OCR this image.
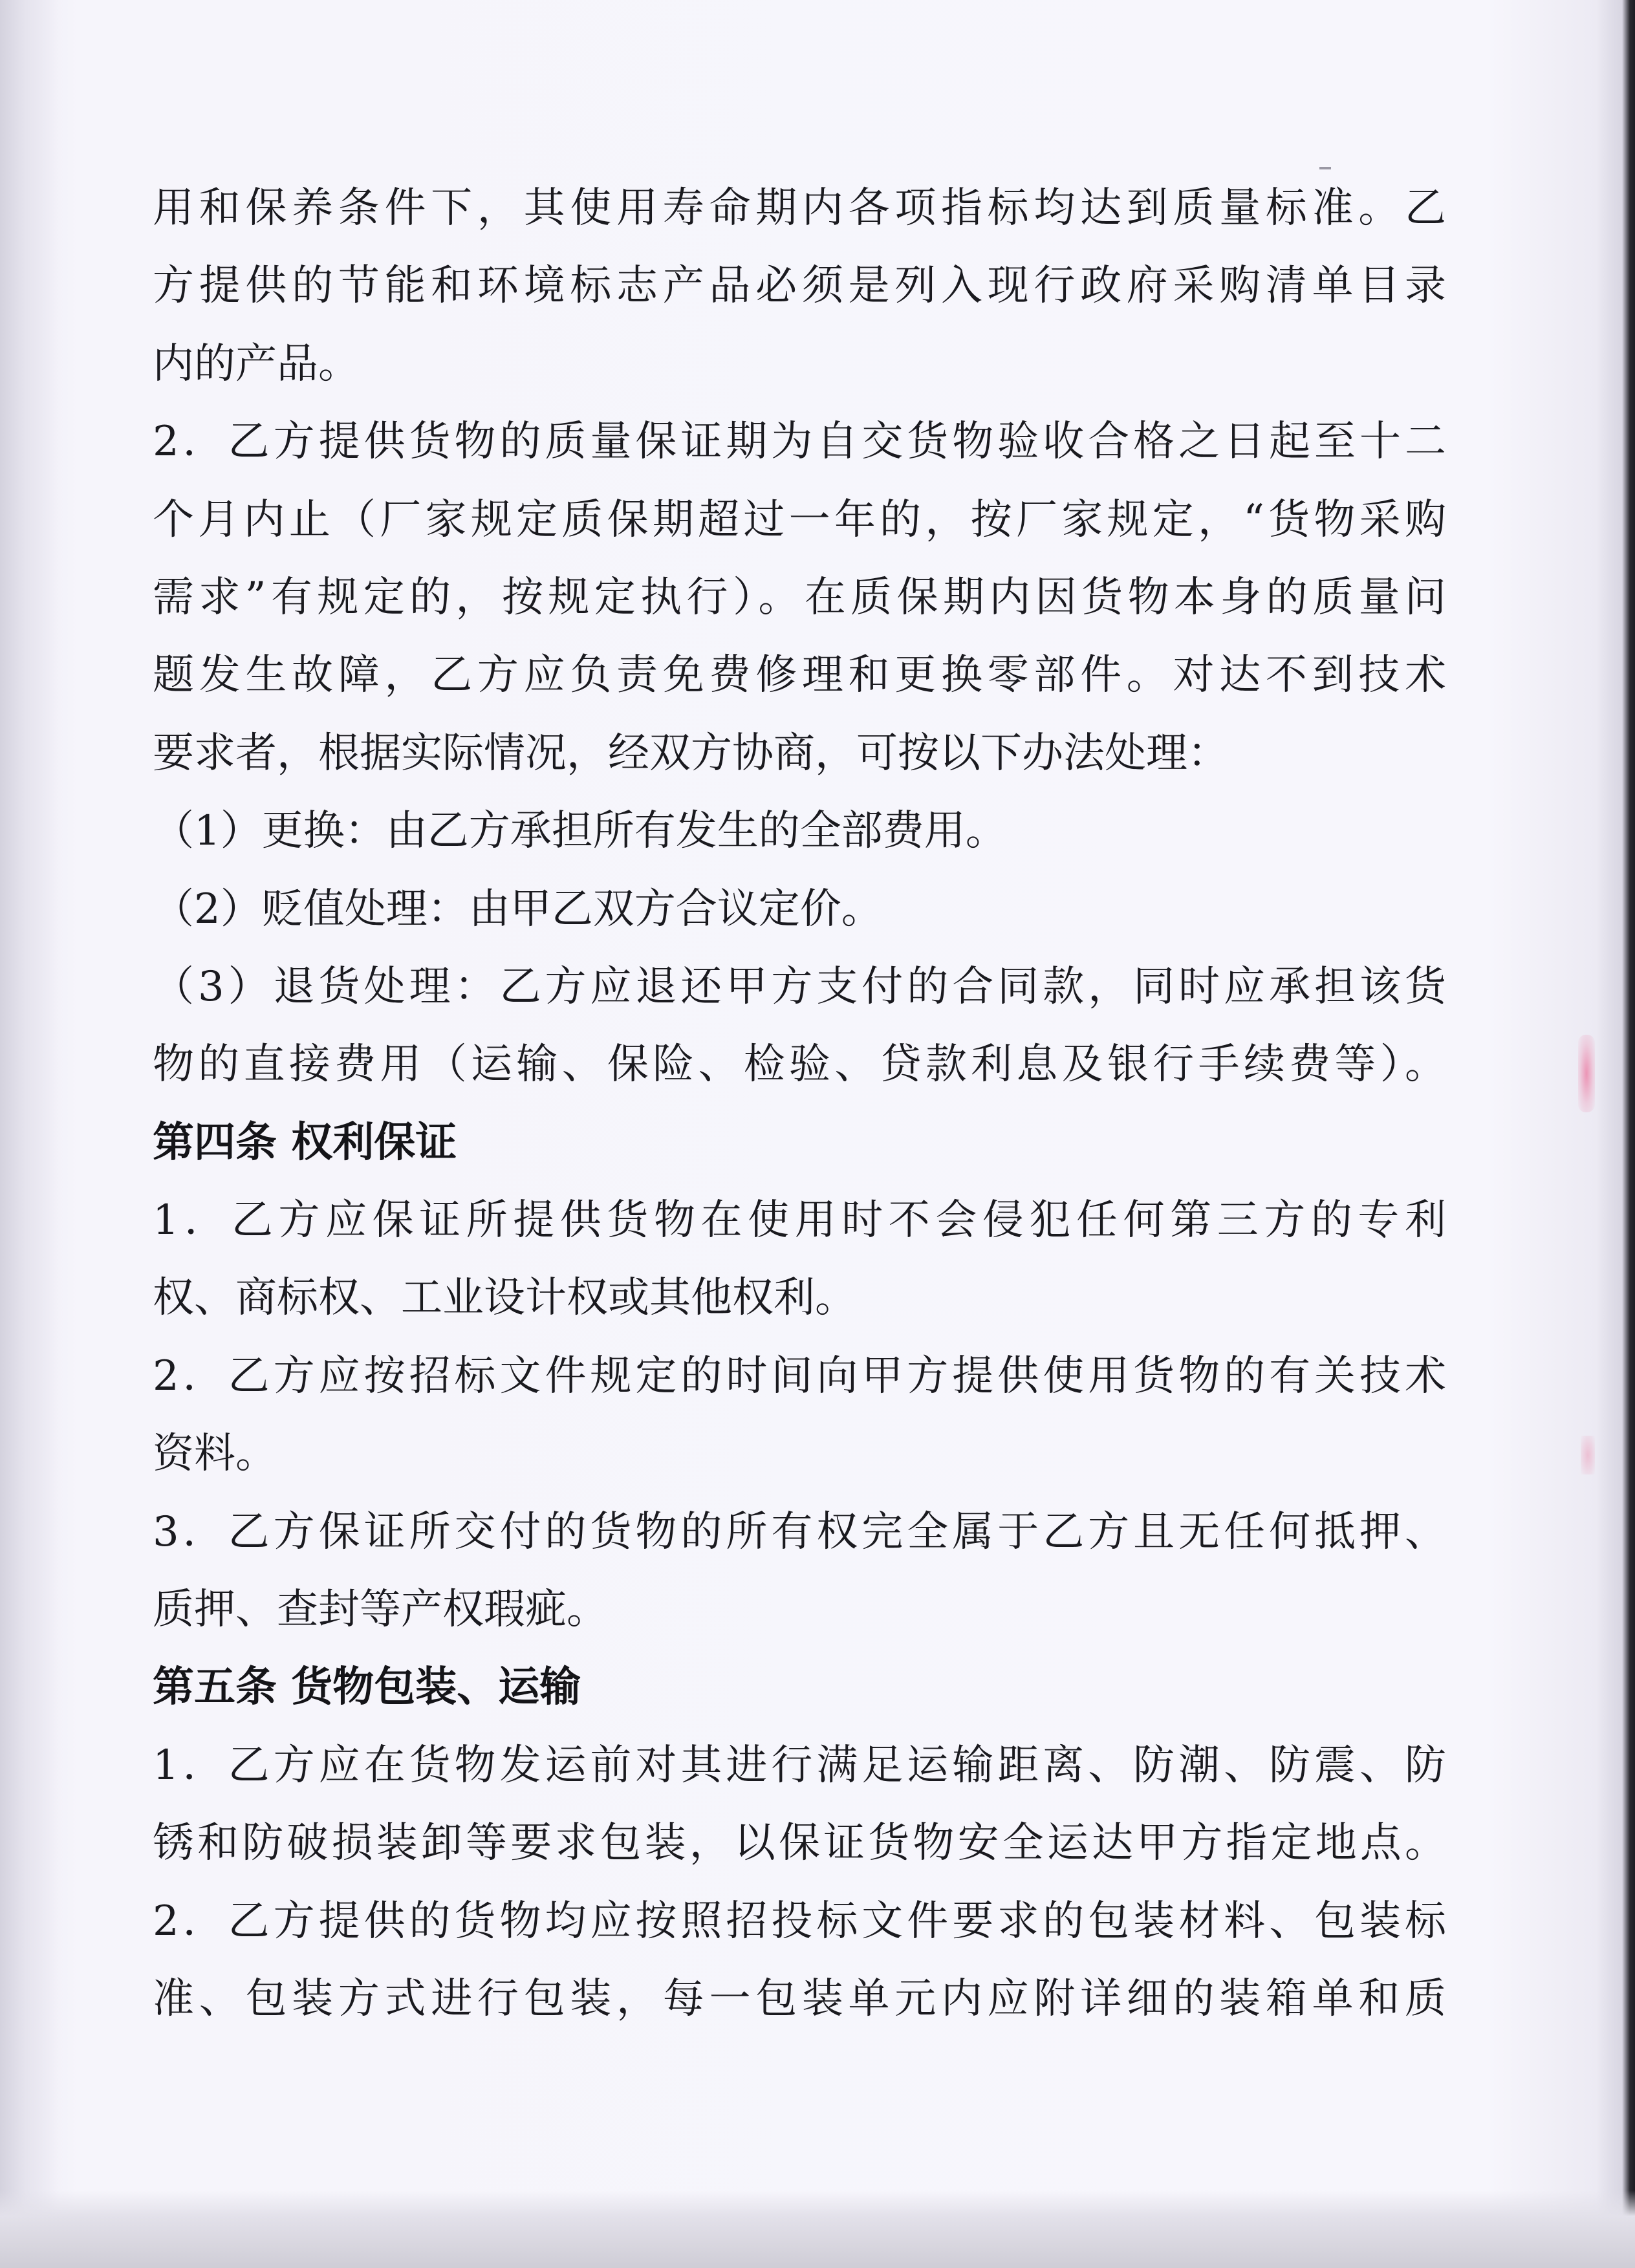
用和保养条件下，其使用寿命期内各项指标均达到质量标准。乙
方提供的节能和环境标志产品必须是列入现行政府采购清单目录
内的产品。
2．乙方提供货物的质量保证期为自交货物验收合格之日起至十二
个月内止（厂家规定质保期超过一年的，按厂家规定，“货物采购
需求”有规定的，按规定执行）。在质保期内因货物本身的质量问
题发生故障，乙方应负责免费修理和更换零部件。对达不到技术
要求者，根据实际情况，经双方协商，可按以下办法处理：
（1）更换：由乙方承担所有发生的全部费用。
（2）贬值处理：由甲乙双方合议定价。
（3）退货处理：乙方应退还甲方支付的合同款，同时应承担该货
物的直接费用（运输、保险、检验、贷款利息及银行手续费等）。
第四条 权利保证
1．乙方应保证所提供货物在使用时不会侵犯任何第三方的专利
权、商标权、工业设计权或其他权利。
2．乙方应按招标文件规定的时间向甲方提供使用货物的有关技术
资料。
3．乙方保证所交付的货物的所有权完全属于乙方且无任何抵押、
质押、查封等产权瑕疵。
第五条 货物包装、运输
1．乙方应在货物发运前对其进行满足运输距离、防潮、防震、防
锈和防破损装卸等要求包装，以保证货物安全运达甲方指定地点。
2．乙方提供的货物均应按照招投标文件要求的包装材料、包装标
准、包装方式进行包装，每一包装单元内应附详细的装箱单和质
